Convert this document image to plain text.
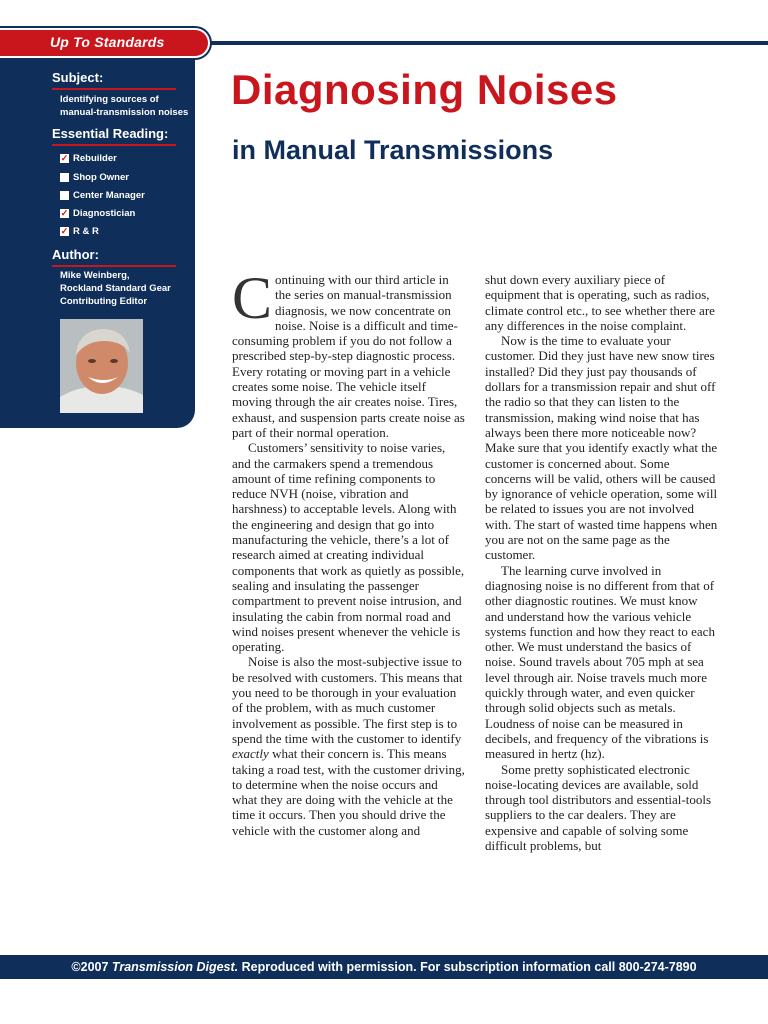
Up To Standards
Subject:
Identifying sources of
manual-transmission noises
Essential Reading:
✓ Rebuilder
Shop Owner
Center Manager
✓ Diagnostician
✓ R & R
Author:
Mike Weinberg,
Rockland Standard Gear
Contributing Editor
Diagnosing Noises
in Manual Transmissions

Continuing with our third article in the series on manual-transmission diagnosis, we now concentrate on noise. Noise is a difficult and time-consuming problem if you do not follow a prescribed step-by-step diagnostic process. Every rotating or moving part in a vehicle creates some noise. The vehicle itself moving through the air creates noise. Tires, exhaust, and suspension parts create noise as part of their normal operation.

Customers’ sensitivity to noise varies, and the carmakers spend a tremendous amount of time refining components to reduce NVH (noise, vibration and harshness) to acceptable levels. Along with the engineering and design that go into manufacturing the vehicle, there’s a lot of research aimed at creating individual components that work as quietly as possible, sealing and insulating the passenger compartment to prevent noise intrusion, and insulating the cabin from normal road and wind noises present whenever the vehicle is operating.

Noise is also the most-subjective issue to be resolved with customers. This means that you need to be thorough in your evaluation of the problem, with as much customer involvement as possible. The first step is to spend the time with the customer to identify exactly what their concern is. This means taking a road test, with the customer driving, to determine when the noise occurs and what they are doing with the vehicle at the time it occurs. Then you should drive the vehicle with the customer along and

shut down every auxiliary piece of equipment that is operating, such as radios, climate control etc., to see whether there are any differences in the noise complaint.

Now is the time to evaluate your customer. Did they just have new snow tires installed? Did they just pay thousands of dollars for a transmission repair and shut off the radio so that they can listen to the transmission, making wind noise that has always been there more noticeable now? Make sure that you identify exactly what the customer is concerned about. Some concerns will be valid, others will be caused by ignorance of vehicle operation, some will be related to issues you are not involved with. The start of wasted time happens when you are not on the same page as the customer.

The learning curve involved in diagnosing noise is no different from that of other diagnostic routines. We must know and understand how the various vehicle systems function and how they react to each other. We must understand the basics of noise. Sound travels about 705 mph at sea level through air. Noise travels much more quickly through water, and even quicker through solid objects such as metals. Loudness of noise can be measured in decibels, and frequency of the vibrations is measured in hertz (hz).

Some pretty sophisticated electronic noise-locating devices are available, sold through tool distributors and essential-tools suppliers to the car dealers. They are expensive and capable of solving some difficult problems, but

©2007 Transmission Digest. Reproduced with permission. For subscription information call 800-274-7890
